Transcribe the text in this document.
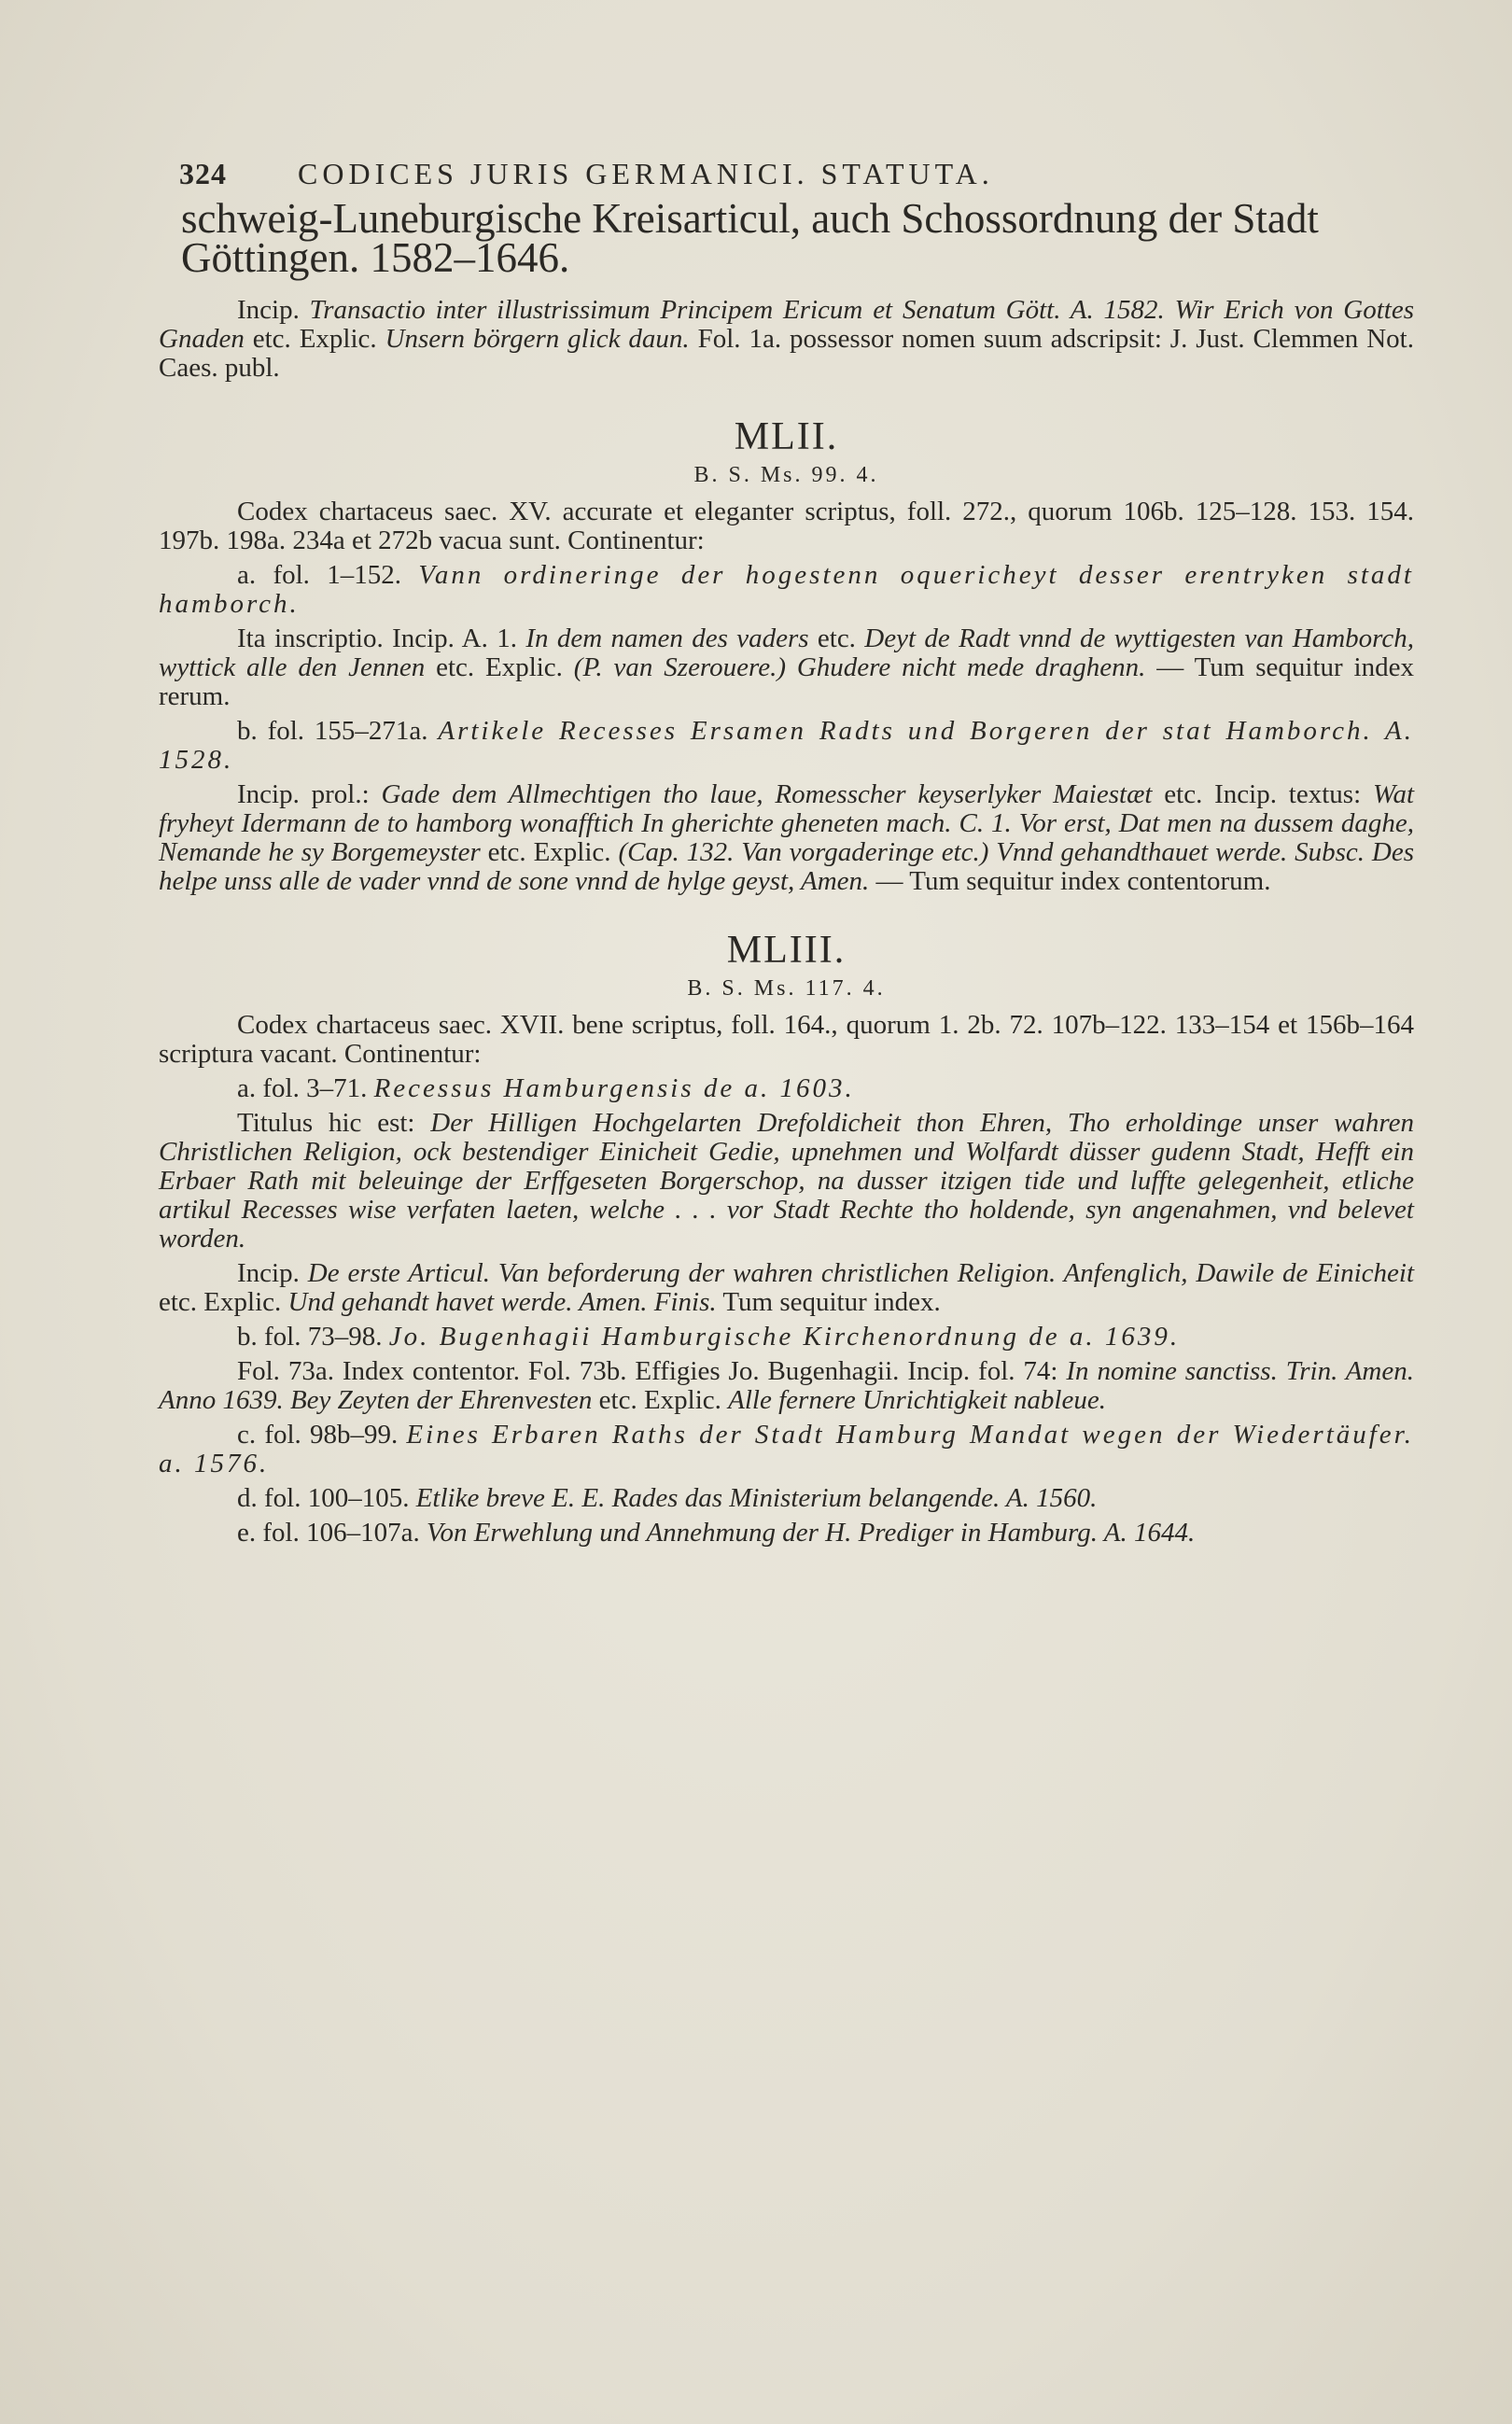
324 CODICES JURIS GERMANICI. STATUTA.

schweig-Luneburgische Kreisarticul, auch Schossordnung der Stadt Göttingen. 1582–1646.

Incip. Transactio inter illustrissimum Principem Ericum et Senatum Gött. A. 1582. Wir Erich von Gottes Gnaden etc. Explic. Unsern börgern glick daun. Fol. 1a. possessor nomen suum adscripsit: J. Just. Clemmen Not. Caes. publ.

MLII.
B. S. Ms. 99. 4.

Codex chartaceus saec. XV. accurate et eleganter scriptus, foll. 272., quorum 106b. 125–128. 153. 154. 197b. 198a. 234a et 272b vacua sunt. Continentur:

a. fol. 1–152. Vann ordineringe der hogestenn oquericheyt desser erentryken stadt hamborch.

Ita inscriptio. Incip. A. 1. In dem namen des vaders etc. Deyt de Radt vnnd de wyttigesten van Hamborch, wyttick alle den Jennen etc. Explic. (P. van Szerouere.) Ghudere nicht mede draghenn. — Tum sequitur index rerum.

b. fol. 155–271a. Artikele Recesses Ersamen Radts und Borgeren der stat Hamborch. A. 1528.

Incip. prol.: Gade dem Allmechtigen tho laue, Romesscher keyserlyker Maiestæt etc. Incip. textus: Wat fryheyt Idermann de to hamborg wonafftich In gherichte gheneten mach. C. 1. Vor erst, Dat men na dussem daghe, Nemande he sy Borgemeyster etc. Explic. (Cap. 132. Van vorgaderinge etc.) Vnnd gehandthauet werde. Subsc. Des helpe unss alle de vader vnnd de sone vnnd de hylge geyst, Amen. — Tum sequitur index contentorum.

MLIII.
B. S. Ms. 117. 4.

Codex chartaceus saec. XVII. bene scriptus, foll. 164., quorum 1. 2b. 72. 107b–122. 133–154 et 156b–164 scriptura vacant. Continentur:

a. fol. 3–71. Recessus Hamburgensis de a. 1603.

Titulus hic est: Der Hilligen Hochgelarten Drefoldicheit thon Ehren, Tho erholdinge unser wahren Christlichen Religion, ock bestendiger Einicheit Gedie, upnehmen und Wolfardt düsser gudenn Stadt, Hefft ein Erbaer Rath mit beleuinge der Erffgeseten Borgerschop, na dusser itzigen tide und luffte gelegenheit, etliche artikul Recesses wise verfaten laeten, welche . . . vor Stadt Rechte tho holdende, syn angenahmen, vnd belevet worden.

Incip. De erste Articul. Van beforderung der wahren christlichen Religion. Anfenglich, Dawile de Einicheit etc. Explic. Und gehandt havet werde. Amen. Finis. Tum sequitur index.

b. fol. 73–98. Jo. Bugenhagii Hamburgische Kirchenordnung de a. 1639.

Fol. 73a. Index contentor. Fol. 73b. Effigies Jo. Bugenhagii. Incip. fol. 74: In nomine sanctiss. Trin. Amen. Anno 1639. Bey Zeyten der Ehrenvesten etc. Explic. Alle fernere Unrichtigkeit nableue.

c. fol. 98b–99. Eines Erbaren Raths der Stadt Hamburg Mandat wegen der Wiedertäufer. a. 1576.

d. fol. 100–105. Etlike breve E. E. Rades das Ministerium belangende. A. 1560.

e. fol. 106–107a. Von Erwehlung und Annehmung der H. Prediger in Hamburg. A. 1644.
